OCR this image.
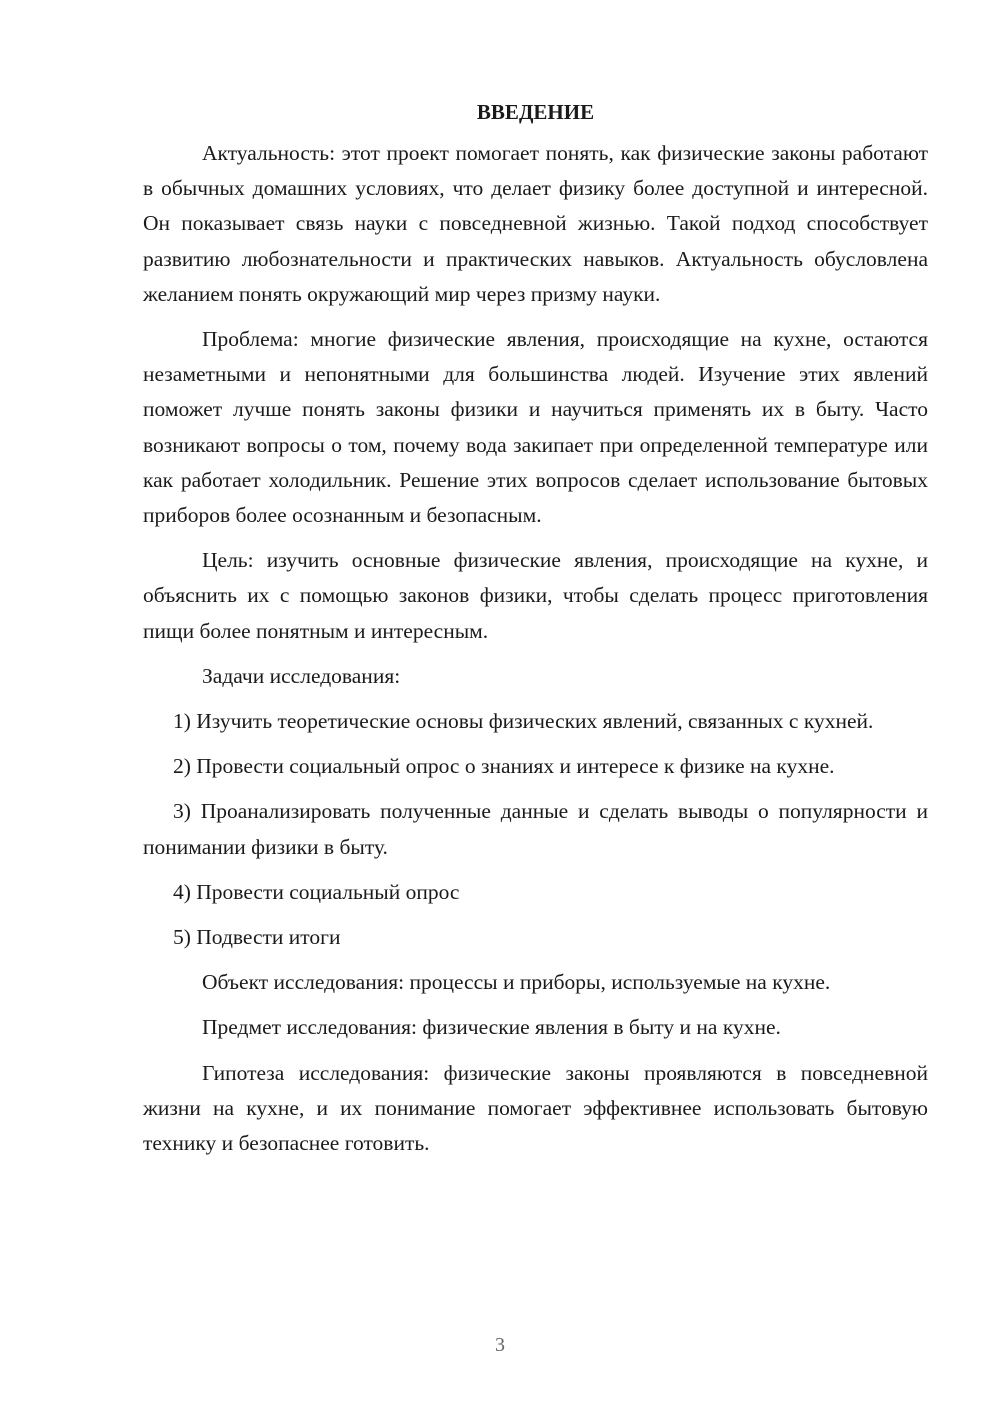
ВВЕДЕНИЕ

Актуальность: этот проект помогает понять, как физические законы работают в обычных домашних условиях, что делает физику более доступной и интересной. Он показывает связь науки с повседневной жизнью. Такой подход способствует развитию любознательности и практических навыков. Актуальность обусловлена желанием понять окружающий мир через призму науки.

Проблема: многие физические явления, происходящие на кухне, остаются незаметными и непонятными для большинства людей. Изучение этих явлений поможет лучше понять законы физики и научиться применять их в быту. Часто возникают вопросы о том, почему вода закипает при определенной температуре или как работает холодильник. Решение этих вопросов сделает использование бытовых приборов более осознанным и безопасным.

Цель: изучить основные физические явления, происходящие на кухне, и объяснить их с помощью законов физики, чтобы сделать процесс приготовления пищи более понятным и интересным.

Задачи исследования:

1) Изучить теоретические основы физических явлений, связанных с кухней.

2) Провести социальный опрос о знаниях и интересе к физике на кухне.

3) Проанализировать полученные данные и сделать выводы о популярности и понимании физики в быту.

4) Провести социальный опрос

5) Подвести итоги

Объект исследования: процессы и приборы, используемые на кухне.

Предмет исследования: физические явления в быту и на кухне.

Гипотеза исследования: физические законы проявляются в повседневной жизни на кухне, и их понимание помогает эффективнее использовать бытовую технику и безопаснее готовить.

3
